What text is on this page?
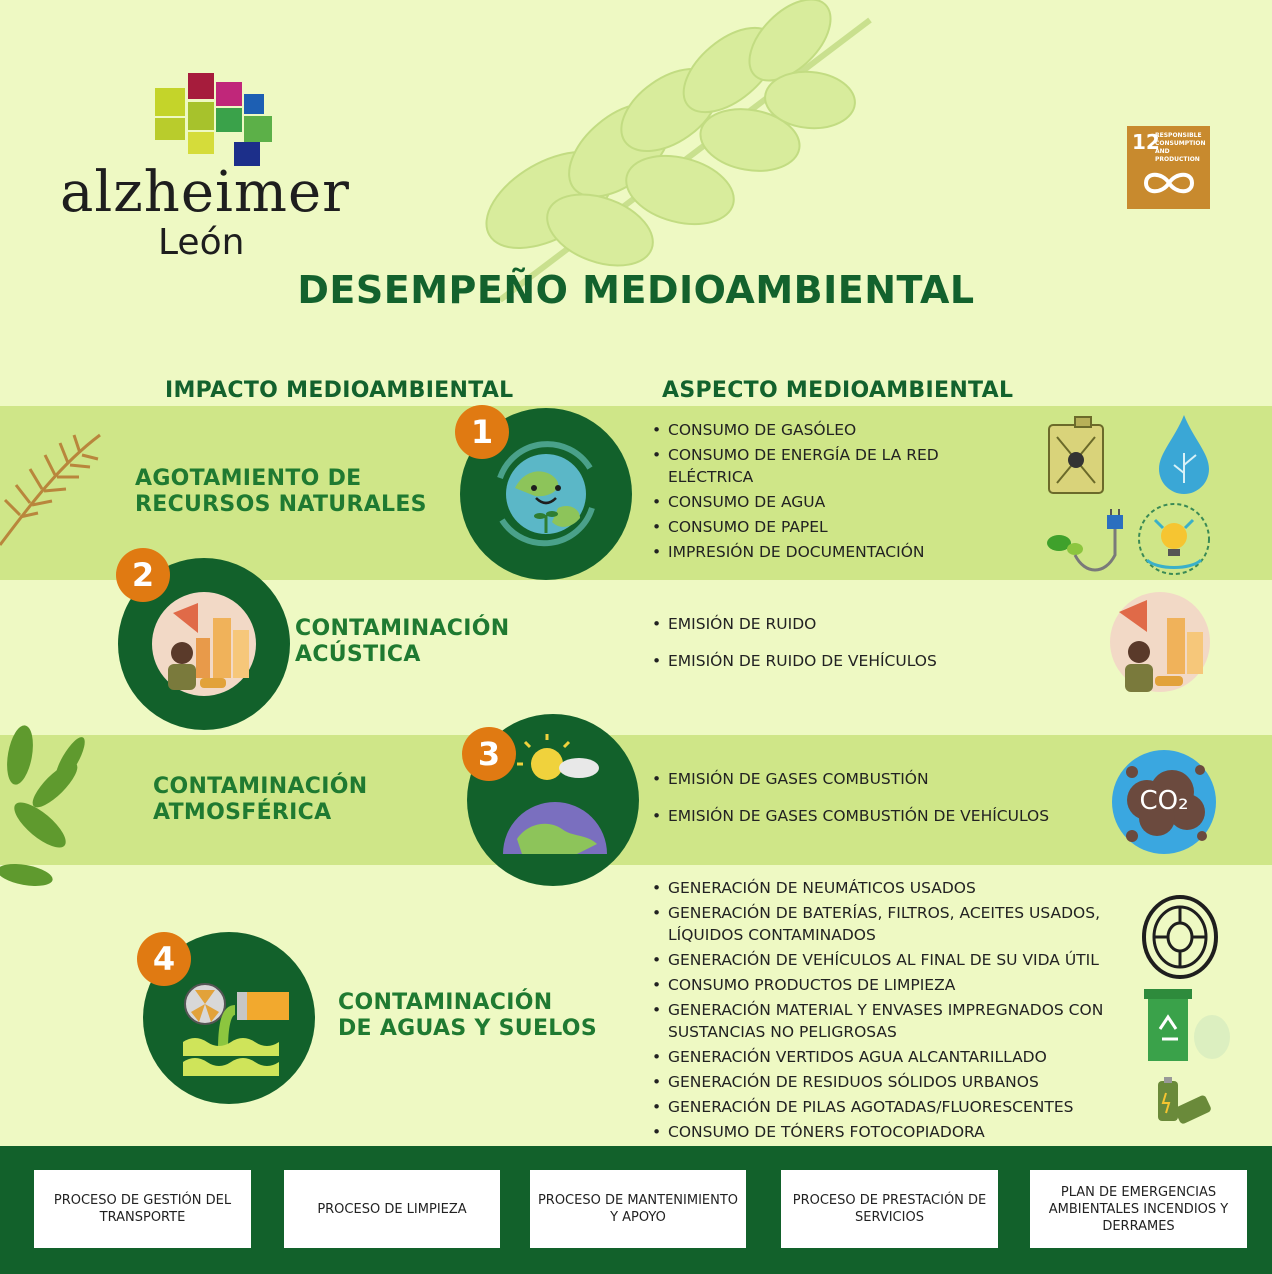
alzheimer
León
12
RESPONSIBLE CONSUMPTION AND PRODUCTION
DESEMPEÑO MEDIOAMBIENTAL
IMPACTO MEDIOAMBIENTAL	ASPECTO MEDIOAMBIENTAL
AGOTAMIENTO DE
RECURSOS NATURALES
1
•	CONSUMO DE GASÓLEO
• CONSUMO DE ENERGÍA DE LA RED ELÉCTRICA
• CONSUMO DE AGUA
• CONSUMO DE PAPEL
• IMPRESIÓN DE DOCUMENTACIÓN
2
CONTAMINACIÓN
ACÚSTICA
• EMISIÓN DE RUIDO
• EMISIÓN DE RUIDO DE VEHÍCULOS
CONTAMINACIÓN
ATMOSFÉRICA
3
• EMISIÓN DE GASES COMBUSTIÓN
• EMISIÓN DE GASES COMBUSTIÓN DE VEHÍCULOS	CO₂
4
CONTAMINACIÓN
DE AGUAS Y SUELOS
• GENERACIÓN DE NEUMÁTICOS USADOS
• GENERACIÓN DE BATERÍAS, FILTROS, ACEITES USADOS, LÍQUIDOS CONTAMINADOS
• GENERACIÓN DE VEHÍCULOS AL FINAL DE SU VIDA ÚTIL
• CONSUMO PRODUCTOS DE LIMPIEZA
• GENERACIÓN MATERIAL Y ENVASES IMPREGNADOS CON SUSTANCIAS NO PELIGROSAS
• GENERACIÓN VERTIDOS AGUA ALCANTARILLADO
• GENERACIÓN DE RESIDUOS SÓLIDOS URBANOS
• GENERACIÓN DE PILAS AGOTADAS/FLUORESCENTES
• CONSUMO DE TÓNERS FOTOCOPIADORA
PROCESO DE GESTIÓN DEL TRANSPORTE
PROCESO DE LIMPIEZA
PROCESO DE MANTENIMIENTO Y APOYO
PROCESO DE PRESTACIÓN DE SERVICIOS
PLAN DE EMERGENCIAS AMBIENTALES INCENDIOS Y DERRAMES
